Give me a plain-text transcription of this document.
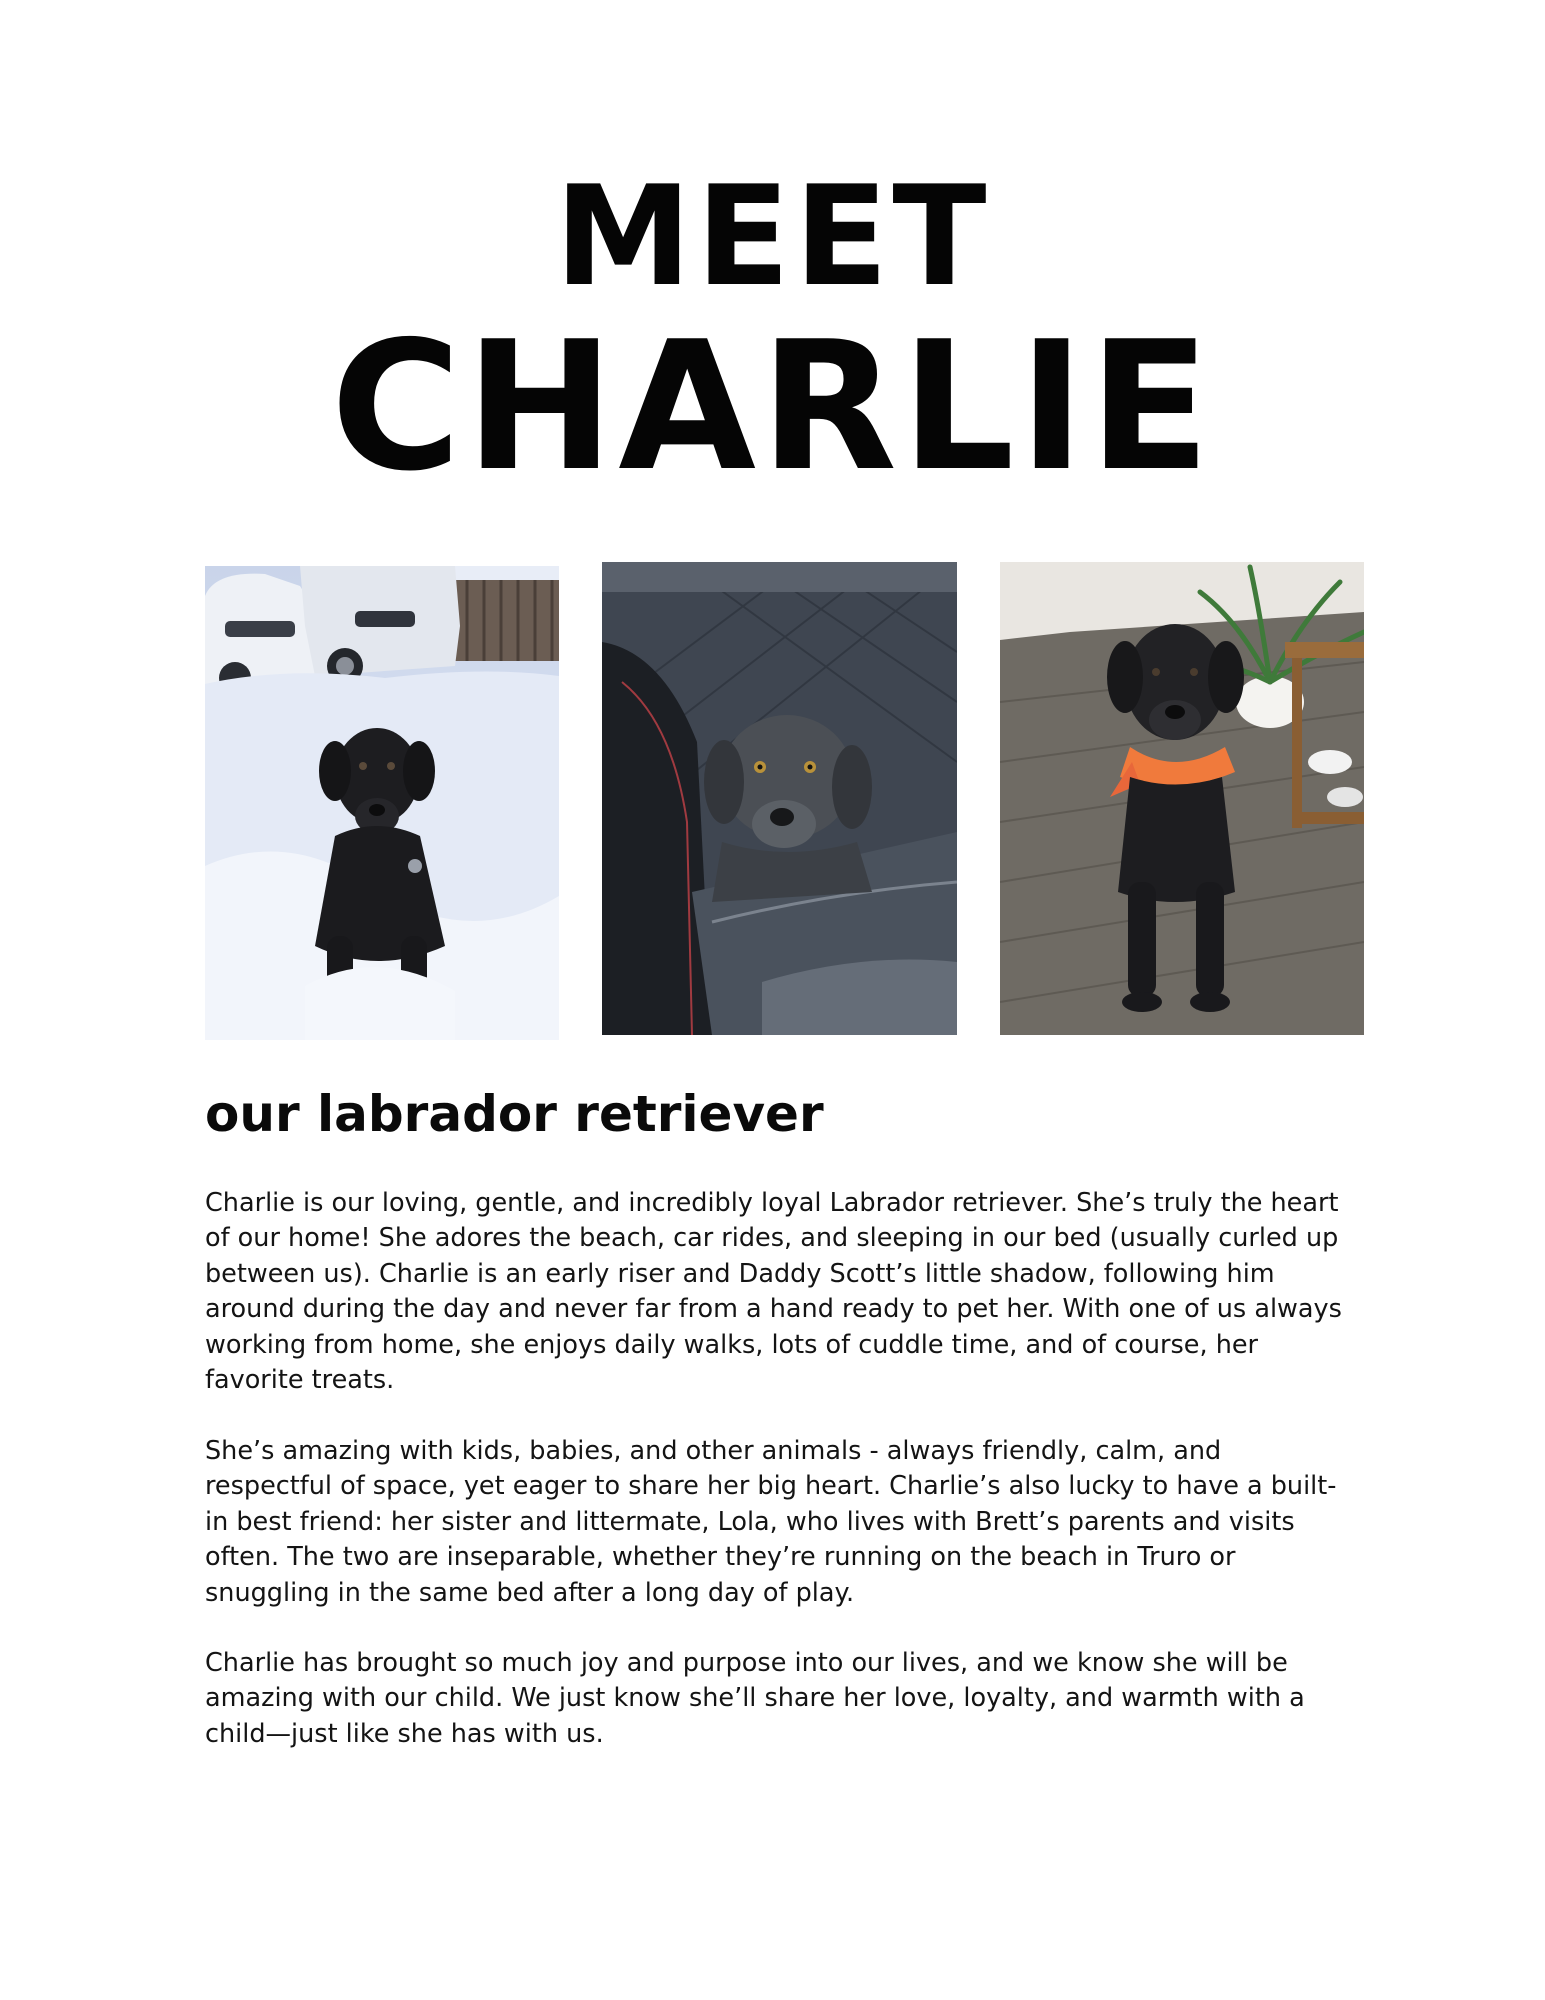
MEET
CHARLIE
our labrador retriever

Charlie is our loving, gentle, and incredibly loyal Labrador retriever. She’s truly the heart of our home! She adores the beach, car rides, and sleeping in our bed (usually curled up between us). Charlie is an early riser and Daddy Scott’s little shadow, following him around during the day and never far from a hand ready to pet her. With one of us always working from home, she enjoys daily walks, lots of cuddle time, and of course, her favorite treats.

She’s amazing with kids, babies, and other animals - always friendly, calm, and respectful of space, yet eager to share her big heart. Charlie’s also lucky to have a built-in best friend: her sister and littermate, Lola, who lives with Brett’s parents and visits often. The two are inseparable, whether they’re running on the beach in Truro or snuggling in the same bed after a long day of play.

Charlie has brought so much joy and purpose into our lives, and we know she will be amazing with our child. We just know she’ll share her love, loyalty, and warmth with a child—just like she has with us.
